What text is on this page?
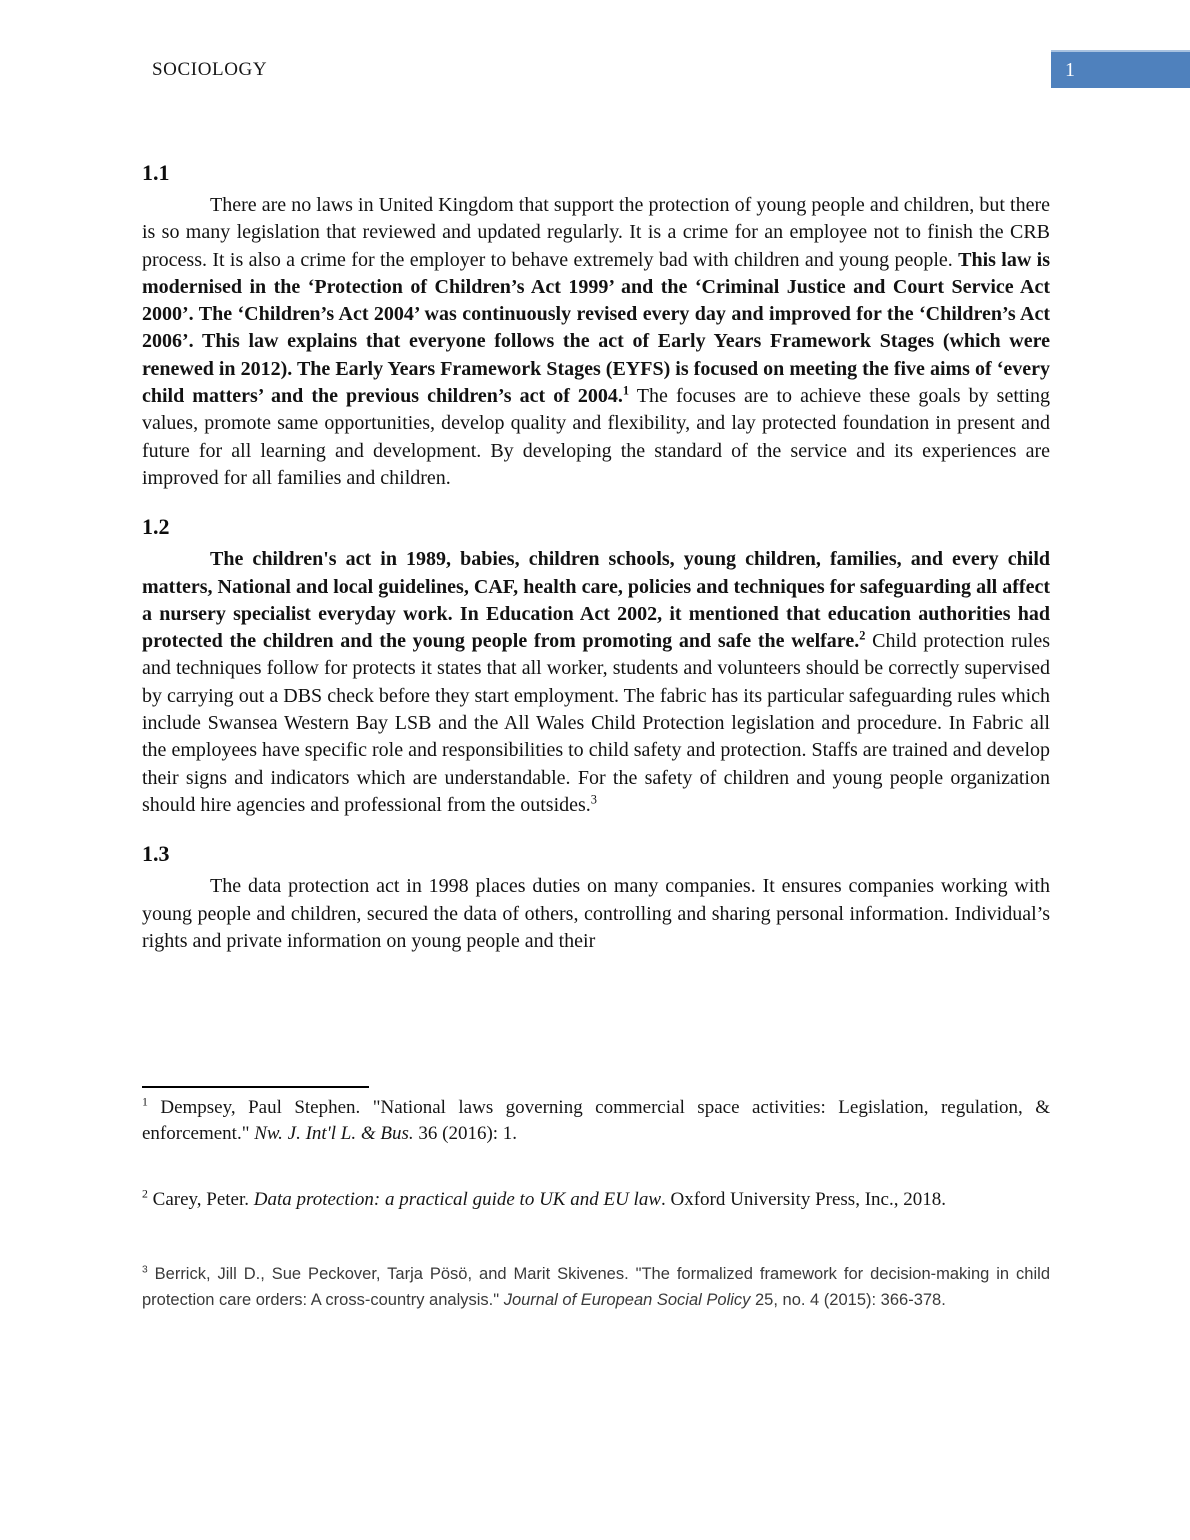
SOCIOLOGY	1
1.1

There are no laws in United Kingdom that support the protection of young people and children, but there is so many legislation that reviewed and updated regularly. It is a crime for an employee not to finish the CRB process. It is also a crime for the employer to behave extremely bad with children and young people. This law is modernised in the ‘Protection of Children’s Act 1999’ and the ‘Criminal Justice and Court Service Act 2000’. The ‘Children’s Act 2004’ was continuously revised every day and improved for the ‘Children’s Act 2006’. This law explains that everyone follows the act of Early Years Framework Stages (which were renewed in 2012). The Early Years Framework Stages (EYFS) is focused on meeting the five aims of ‘every child matters’ and the previous children’s act of 2004.$^1$ The focuses are to achieve these goals by setting values, promote same opportunities, develop quality and flexibility, and lay protected foundation in present and future for all learning and development. By developing the standard of the service and its experiences are improved for all families and children.

1.2

The children's act in 1989, babies, children schools, young children, families, and every child matters, National and local guidelines, CAF, health care, policies and techniques for safeguarding all affect a nursery specialist everyday work. In Education Act 2002, it mentioned that education authorities had protected the children and the young people from promoting and safe the welfare.$^2$ Child protection rules and techniques follow for protects it states that all worker, students and volunteers should be correctly supervised by carrying out a DBS check before they start employment. The fabric has its particular safeguarding rules which include Swansea Western Bay LSB and the All Wales Child Protection legislation and procedure. In Fabric all the employees have specific role and responsibilities to child safety and protection. Staffs are trained and develop their signs and indicators which are understandable. For the safety of children and young people organization should hire agencies and professional from the outsides.$^3$

1.3

The data protection act in 1998 places duties on many companies. It ensures companies working with young people and children, secured the data of others, controlling and sharing personal information. Individual’s rights and private information on young people and their

$^1$ Dempsey, Paul Stephen. "National laws governing commercial space activities: Legislation, regulation, & enforcement." Nw. J. Int'l L. & Bus. 36 (2016): 1.
$^2$ Carey, Peter. Data protection: a practical guide to UK and EU law. Oxford University Press, Inc., 2018.
$^3$ Berrick, Jill D., Sue Peckover, Tarja Pösö, and Marit Skivenes. "The formalized framework for decision-making in child protection care orders: A cross-country analysis." Journal of European Social Policy 25, no. 4 (2015): 366-378.
